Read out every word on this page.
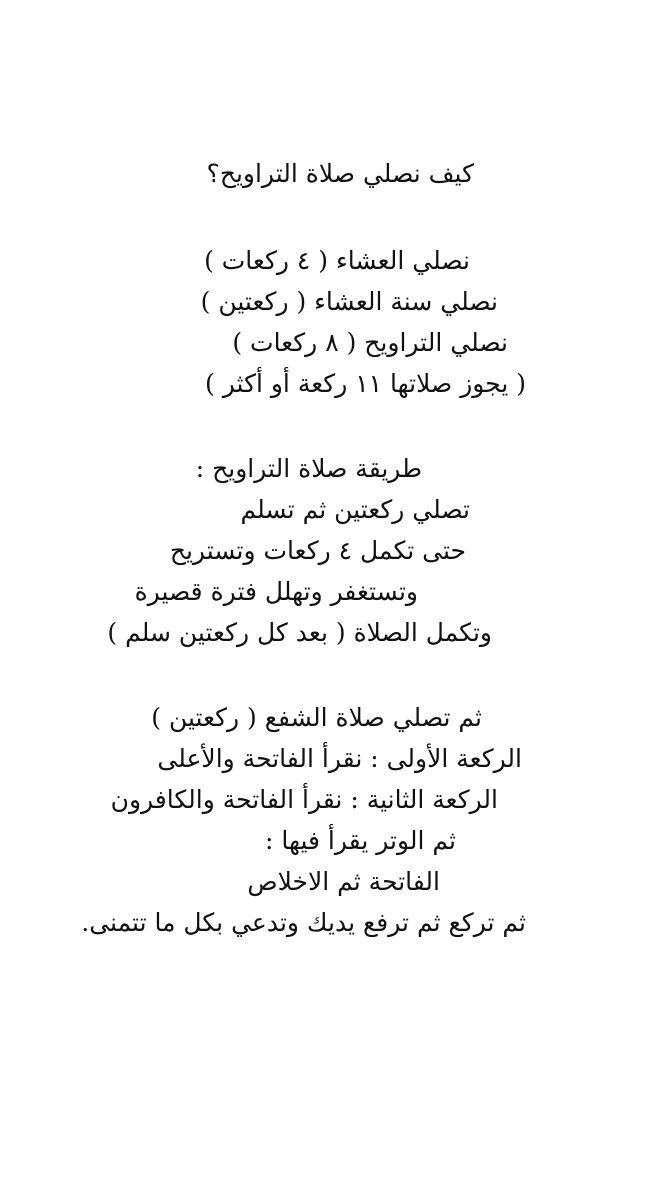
كيف نصلي صلاة التراويح؟
نصلي العشاء ( ٤ ركعات )
نصلي سنة العشاء ( ركعتين )
نصلي التراويح ( ٨ ركعات )
( يجوز صلاتها ١١ ركعة أو أكثر )
طريقة صلاة التراويح :
تصلي ركعتين ثم تسلم
حتى تكمل ٤ ركعات وتستريح
وتستغفر وتهلل فترة قصيرة
وتكمل الصلاة ( بعد كل ركعتين سلم )
ثم تصلي صلاة الشفع ( ركعتين )
الركعة الأولى : نقرأ الفاتحة والأعلى
الركعة الثانية : نقرأ الفاتحة والكافرون
ثم الوتر يقرأ فيها :
الفاتحة ثم الاخلاص
ثم تركع ثم ترفع يديك وتدعي بكل ما تتمنى.
